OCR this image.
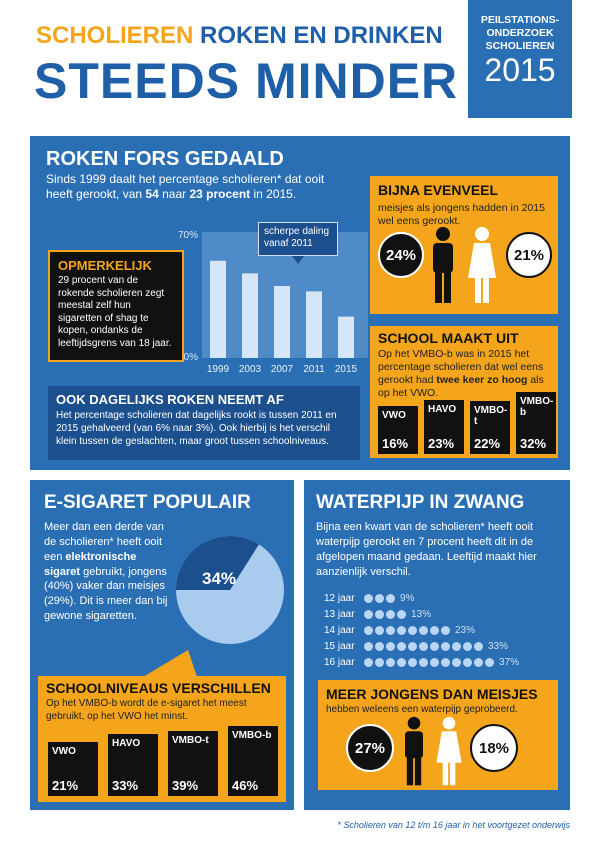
SCHOLIEREN ROKEN EN DRINKEN
STEEDS MINDER
PEILSTATIONS-
ONDERZOEK
SCHOLIEREN
2015
ROKEN FORS GEDAALD
Sinds 1999 daalt het percentage scholieren* dat ooit heeft gerookt, van 54 naar 23 procent in 2015.
OPMERKELIJK
29 procent van de rokende scholieren zegt meestal zelf hun sigaretten of shag te kopen, ondanks de leeftijdsgrens van 18 jaar.
70%
0%
1999 2003 2007 2011 2015
scherpe daling vanaf 2011
BIJNA EVENVEEL
meisjes als jongens hadden in 2015 wel eens gerookt.
24%	21%
SCHOOL MAAKT UIT
Op het VMBO-b was in 2015 het percentage scholieren dat wel eens gerookt had twee keer zo hoog als op het VWO.
VWO
16%
HAVO
23%
VMBO-t
22%
VMBO-b
32%
OOK DAGELIJKS ROKEN NEEMT AF
Het percentage scholieren dat dagelijks rookt is tussen 2011 en 2015 gehalveerd (van 6% naar 3%). Ook hierbij is het verschil klein tussen de geslachten, maar groot tussen schoolniveaus.
E-SIGARET POPULAIR
Meer dan een derde van de scholieren* heeft ooit een elektronische sigaret gebruikt, jongens (40%) vaker dan meisjes (29%). Dit is meer dan bij gewone sigaretten.
34%
SCHOOLNIVEAUS VERSCHILLEN
Op het VMBO-b wordt de e-sigaret het meest gebruikt, op het VWO het minst.
VWO
21%
HAVO
33%
VMBO-t
39%
VMBO-b
46%
WATERPIJP IN ZWANG
Bijna een kwart van de scholieren* heeft ooit waterpijp gerookt en 7 procent heeft dit in de afgelopen maand gedaan. Leeftijd maakt hier aanzienlijk verschil.
12 jaar	9%
13 jaar	13%
14 jaar	23%
15 jaar	33%
16 jaar	37%
MEER JONGENS DAN MEISJES
hebben weleens een waterpijp geprobeerd.
27%	18%
* Scholieren van 12 t/m 16 jaar in het voortgezet onderwijs
